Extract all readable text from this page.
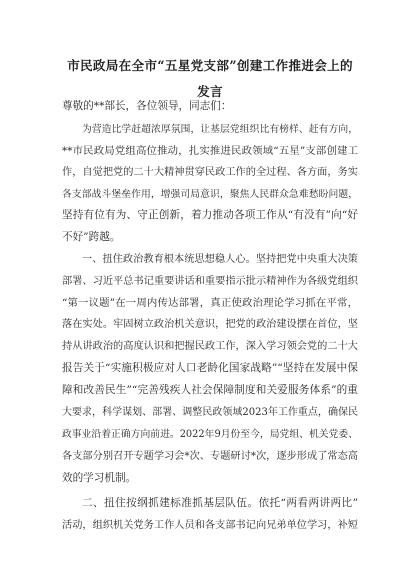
市民政局在全市“五星党支部”创建工作推进会上的
发言
尊敬的**部长，各位领导，同志们：
为营造比学赶超浓厚氛围，让基层党组织比有榜样、赶有方向，
**市民政局党组高位推动，扎实推进民政领域“五星”支部创建工
作，自觉把党的二十大精神贯穿民政工作的全过程、各方面，务实
各支部战斗堡垒作用，增强司局意识，聚焦人民群众急难愁盼问题，
坚持有位有为、守正创新，着力推动各项工作从“有没有”向“好
不好”跨越。
一、扭住政治教育根本统思想稳人心。坚持把党中央重大决策
部署、习近平总书记重要讲话和重要指示批示精神作为各级党组织
“第一议题”在一周内传达部署，真正使政治理论学习抓在平常，
落在实处。牢固树立政治机关意识，把党的政治建设摆在首位，坚
持从讲政治的高度认识和把握民政工作，深入学习领会党的二十大
报告关于“实施积极应对人口老龄化国家战略”“坚持在发展中保
障和改善民生”“完善残疾人社会保障制度和关爱服务体系”的重
大要求，科学谋划、部署、调整民政领域2023年工作重点，确保民
政事业沿着正确方向前进。2022年9月份至今，局党组、机关党委、
各支部分别召开专题学习会*次、专题研讨*次，逐步形成了常态高
效的学习机制。
二、扭住按纲抓建标准抓基层队伍。依托“两看两讲两比”
活动，组织机关党务工作人员和各支部书记向兄弟单位学习，补短
